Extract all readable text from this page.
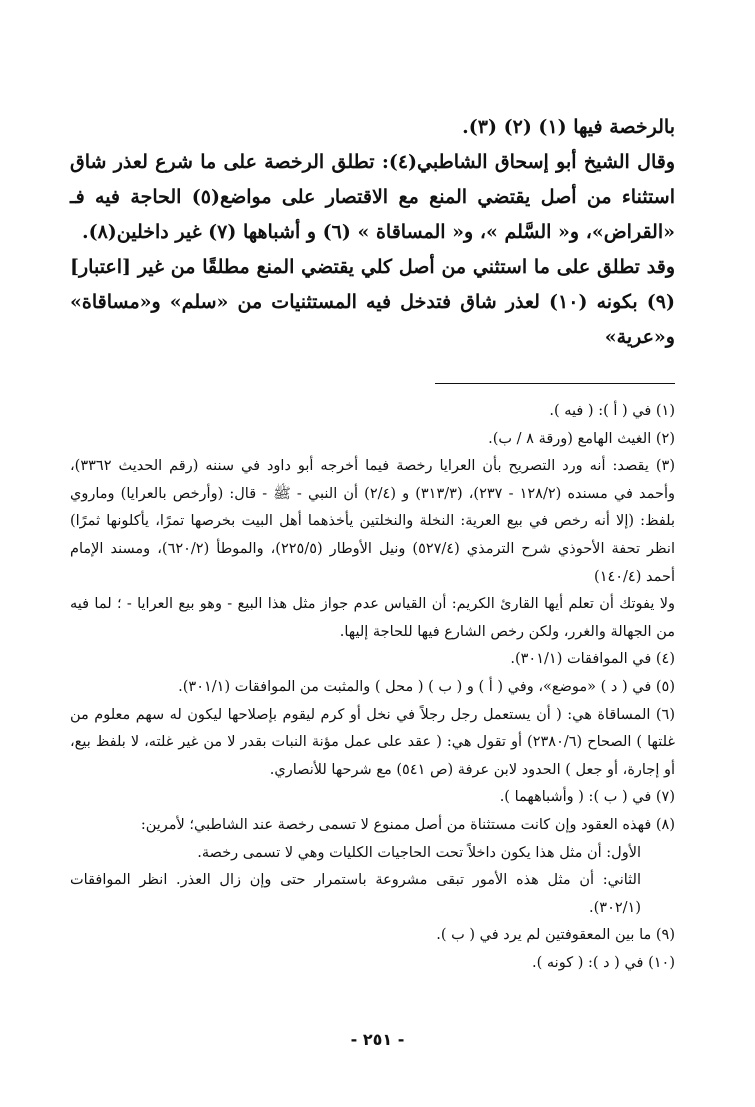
بالرخصة فيها (١) (٢) (٣).

وقال الشيخ أبو إسحاق الشاطبي(٤): تطلق الرخصة على ما شرع لعذر شاق استثناء من أصل يقتضي المنع مع الاقتصار على مواضع(٥) الحاجة فيه فـ «القراض»، و« السَّلم »، و« المساقاة » (٦) و أشباهها (٧) غير داخلين(٨).

وقد تطلق على ما استثني من أصل كلي يقتضي المنع مطلقًا من غير [اعتبار](٩) بكونه (١٠) لعذر شاق فتدخل فيه المستثنيات من «سلم» و«مساقاة» و«عرية»

(١) في ( أ ): ( فيه ).

(٢) الغيث الهامع (ورقة ٨ / ب).

(٣) يقصد: أنه ورد التصريح بأن العرايا رخصة فيما أخرجه أبو داود في سننه (رقم الحديث ٣٣٦٢)، وأحمد في مسنده (١٢٨/٢ - ٢٣٧)، (٣١٣/٣) و (٢/٤) أن النبي - ﷺ - قال: (وأرخص بالعرايا) وماروي بلفظ: (إلا أنه رخص في بيع العرية: النخلة والنخلتين يأخذهما أهل البيت بخرصها تمرًا، يأكلونها ثمرًا) انظر تحفة الأحوذي شرح الترمذي (٥٢٧/٤) ونيل الأوطار (٢٢٥/٥)، والموطأ (٦٢٠/٢)، ومسند الإمام أحمد (١٤٠/٤)

ولا يفوتك أن تعلم أيها القارئ الكريم: أن القياس عدم جواز مثل هذا البيع - وهو بيع العرايا - ؛ لما فيه من الجهالة والغرر، ولكن رخص الشارع فيها للحاجة إليها.

(٤) في الموافقات (٣٠١/١).

(٥) في ( د ) «موضع»، وفي ( أ ) و ( ب ) ( محل ) والمثبت من الموافقات (٣٠١/١).

(٦) المساقاة هي: ( أن يستعمل رجل رجلاً في نخل أو كرم ليقوم بإصلاحها ليكون له سهم معلوم من غلتها ) الصحاح (٢٣٨٠/٦) أو تقول هي: ( عقد على عمل مؤنة النبات بقدر لا من غير غلته، لا بلفظ بيع، أو إجارة، أو جعل ) الحدود لابن عرفة (ص ٥٤١) مع شرحها للأنصاري.

(٧) في ( ب ): ( وأشباههما ).

(٨) فهذه العقود وإن كانت مستثناة من أصل ممنوع لا تسمى رخصة عند الشاطبي؛ لأمرين:

الأول: أن مثل هذا يكون داخلاً تحت الحاجيات الكليات وهي لا تسمى رخصة.

الثاني: أن مثل هذه الأمور تبقى مشروعة باستمرار حتى وإن زال العذر. انظر الموافقات (٣٠٢/١).

(٩) ما بين المعقوفتين لم يرد في ( ب ).

(١٠) في ( د ): ( كونه ).

- ٢٥١ -
